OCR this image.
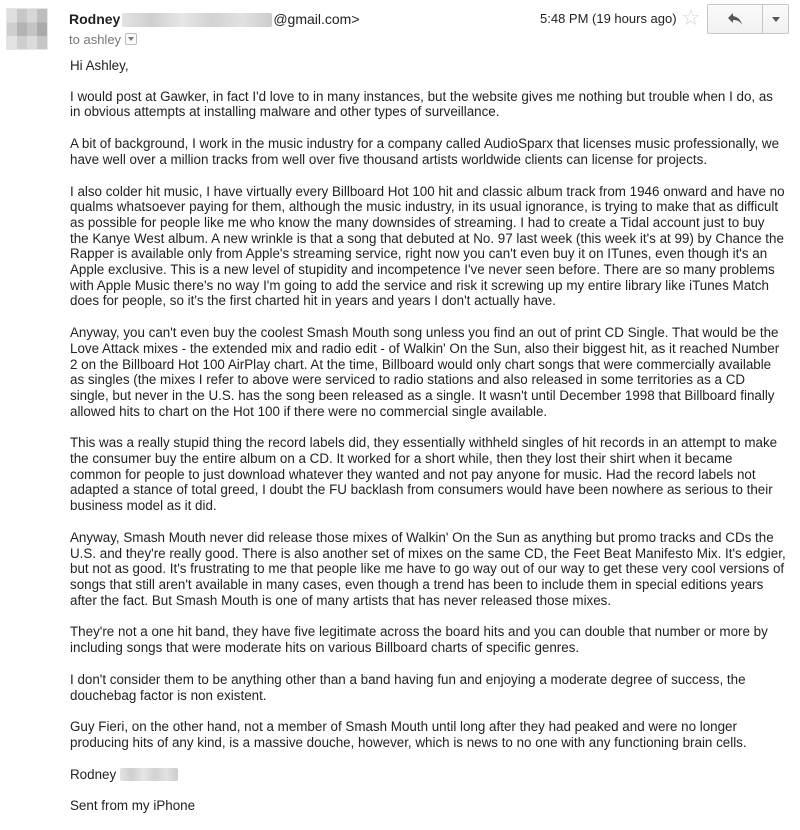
Rodney	@gmail.com>
to ashley
5:48 PM (19 hours ago) ☆

Hi Ashley,

I would post at Gawker, in fact I'd love to in many instances, but the website gives me nothing but trouble when I do, as in obvious attempts at installing malware and other types of surveillance.

A bit of background, I work in the music industry for a company called AudioSparx that licenses music professionally, we have well over a million tracks from well over five thousand artists worldwide clients can license for projects.

I also colder hit music, I have virtually every Billboard Hot 100 hit and classic album track from 1946 onward and have no qualms whatsoever paying for them, although the music industry, in its usual ignorance, is trying to make that as difficult as possible for people like me who know the many downsides of streaming. I had to create a Tidal account just to buy the Kanye West album. A new wrinkle is that a song that debuted at No. 97 last week (this week it's at 99) by Chance the Rapper is available only from Apple's streaming service, right now you can't even buy it on ITunes, even though it's an Apple exclusive. This is a new level of stupidity and incompetence I've never seen before. There are so many problems with Apple Music there's no way I'm going to add the service and risk it screwing up my entire library like iTunes Match does for people, so it's the first charted hit in years and years I don't actually have.

Anyway, you can't even buy the coolest Smash Mouth song unless you find an out of print CD Single. That would be the Love Attack mixes - the extended mix and radio edit - of Walkin' On the Sun, also their biggest hit, as it reached Number 2 on the Billboard Hot 100 AirPlay chart. At the time, Billboard would only chart songs that were commercially available as singles (the mixes I refer to above were serviced to radio stations and also released in some territories as a CD single, but never in the U.S. has the song been released as a single. It wasn't until December 1998 that Billboard finally allowed hits to chart on the Hot 100 if there were no commercial single available.

This was a really stupid thing the record labels did, they essentially withheld singles of hit records in an attempt to make the consumer buy the entire album on a CD. It worked for a short while, then they lost their shirt when it became common for people to just download whatever they wanted and not pay anyone for music. Had the record labels not adapted a stance of total greed, I doubt the FU backlash from consumers would have been nowhere as serious to their business model as it did.

Anyway, Smash Mouth never did release those mixes of Walkin' On the Sun as anything but promo tracks and CDs the U.S. and they're really good. There is also another set of mixes on the same CD, the Feet Beat Manifesto Mix. It's edgier, but not as good. It's frustrating to me that people like me have to go way out of our way to get these very cool versions of songs that still aren't available in many cases, even though a trend has been to include them in special editions years after the fact. But Smash Mouth is one of many artists that has never released those mixes.

They're not a one hit band, they have five legitimate across the board hits and you can double that number or more by including songs that were moderate hits on various Billboard charts of specific genres.

I don't consider them to be anything other than a band having fun and enjoying a moderate degree of success, the douchebag factor is non existent.

Guy Fieri, on the other hand, not a member of Smash Mouth until long after they had peaked and were no longer producing hits of any kind, is a massive douche, however, which is news to no one with any functioning brain cells.

Rodney

Sent from my iPhone
